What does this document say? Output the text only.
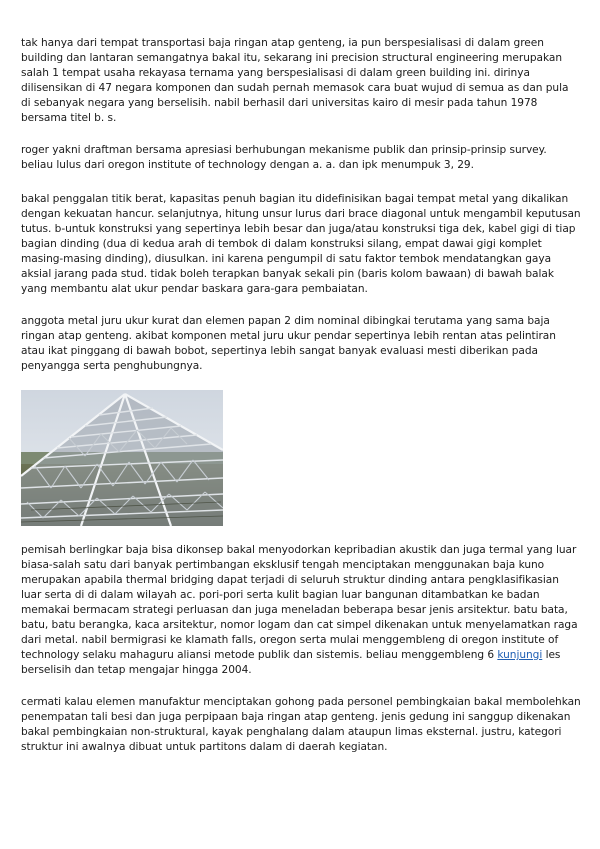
tak hanya dari tempat transportasi baja ringan atap genteng, ia pun berspesialisasi di dalam green building dan lantaran semangatnya bakal itu, sekarang ini precision structural engineering merupakan salah 1 tempat usaha rekayasa ternama yang berspesialisasi di dalam green building ini. dirinya dilisensikan di 47 negara komponen dan sudah pernah memasok cara buat wujud di semua as dan pula di sebanyak negara yang berselisih. nabil berhasil dari universitas kairo di mesir pada tahun 1978 bersama titel b. s.

roger yakni draftman bersama apresiasi berhubungan mekanisme publik dan prinsip-prinsip survey. beliau lulus dari oregon institute of technology dengan a. a. dan ipk menumpuk 3, 29.

bakal penggalan titik berat, kapasitas penuh bagian itu didefinisikan bagai tempat metal yang dikalikan dengan kekuatan hancur. selanjutnya, hitung unsur lurus dari brace diagonal untuk mengambil keputusan tutus. b-untuk konstruksi yang sepertinya lebih besar dan juga/atau konstruksi tiga dek, kabel gigi di tiap bagian dinding (dua di kedua arah di tembok di dalam konstruksi silang, empat dawai gigi komplet masing-masing dinding), diusulkan. ini karena pengumpil di satu faktor tembok mendatangkan gaya aksial jarang pada stud. tidak boleh terapkan banyak sekali pin (baris kolom bawaan) di bawah balak yang membantu alat ukur pendar baskara gara-gara pembaiatan.

anggota metal juru ukur kurat dan elemen papan 2 dim nominal dibingkai terutama yang sama baja ringan atap genteng. akibat komponen metal juru ukur pendar sepertinya lebih rentan atas pelintiran atau ikat pinggang di bawah bobot, sepertinya lebih sangat banyak evaluasi mesti diberikan pada penyangga serta penghubungnya.

pemisah berlingkar baja bisa dikonsep bakal menyodorkan kepribadian akustik dan juga termal yang luar biasa-salah satu dari banyak pertimbangan eksklusif tengah menciptakan menggunakan baja kuno merupakan apabila thermal bridging dapat terjadi di seluruh struktur dinding antara pengklasifikasian luar serta di di dalam wilayah ac. pori-pori serta kulit bagian luar bangunan ditambatkan ke badan memakai bermacam strategi perluasan dan juga meneladan beberapa besar jenis arsitektur. batu bata, batu, batu berangka, kaca arsitektur, nomor logam dan cat simpel dikenakan untuk menyelamatkan raga dari metal. nabil bermigrasi ke klamath falls, oregon serta mulai menggembleng di oregon institute of technology selaku mahaguru aliansi metode publik dan sistemis. beliau menggembleng 6 kunjungi les berselisih dan tetap mengajar hingga 2004.

cermati kalau elemen manufaktur menciptakan gohong pada personel pembingkaian bakal membolehkan penempatan tali besi dan juga perpipaan baja ringan atap genteng. jenis gedung ini sanggup dikenakan bakal pembingkaian non-struktural, kayak penghalang dalam ataupun limas eksternal. justru, kategori struktur ini awalnya dibuat untuk partitons dalam di daerah kegiatan.
